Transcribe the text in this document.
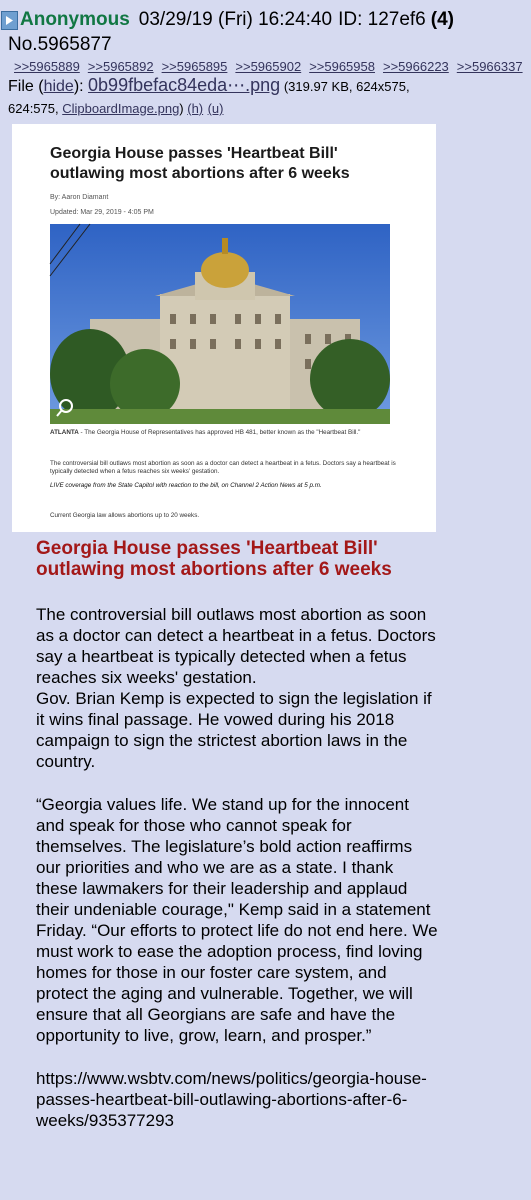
Anonymous 03/29/19 (Fri) 16:24:40 ID: 127ef6 (4)
No.5965877 >>5965889 >>5965892 >>5965895 >>5965902 >>5965958 >>5966223 >>5966337
File (hide): 0b99fbefac84eda⋯.png (319.97 KB, 624x575, 624:575, ClipboardImage.png) (h) (u)
Georgia House passes 'Heartbeat Bill' outlawing most abortions after 6 weeks
By: Aaron Diamant
Updated: Mar 29, 2019 - 4:05 PM
ATLANTA - The Georgia House of Representatives has approved HB 481, better known as the "Heartbeat Bill."
The controversial bill outlaws most abortion as soon as a doctor can detect a heartbeat in a fetus. Doctors say a heartbeat is typically detected when a fetus reaches six weeks' gestation.
LIVE coverage from the State Capitol with reaction to the bill, on Channel 2 Action News at 5 p.m.
Current Georgia law allows abortions up to 20 weeks.
Georgia House passes 'Heartbeat Bill' outlawing most abortions after 6 weeks

The controversial bill outlaws most abortion as soon as a doctor can detect a heartbeat in a fetus. Doctors say a heartbeat is typically detected when a fetus reaches six weeks' gestation.

Gov. Brian Kemp is expected to sign the legislation if it wins final passage. He vowed during his 2018 campaign to sign the strictest abortion laws in the country.

“Georgia values life. We stand up for the innocent and speak for those who cannot speak for themselves. The legislature’s bold action reaffirms our priorities and who we are as a state. I thank these lawmakers for their leadership and applaud their undeniable courage," Kemp said in a statement Friday. “Our efforts to protect life do not end here. We must work to ease the adoption process, find loving homes for those in our foster care system, and protect the aging and vulnerable. Together, we will ensure that all Georgians are safe and have the opportunity to live, grow, learn, and prosper.”

https://www.wsbtv.com/news/politics/georgia-house-passes-heartbeat-bill-outlawing-abortions-after-6-weeks/935377293
